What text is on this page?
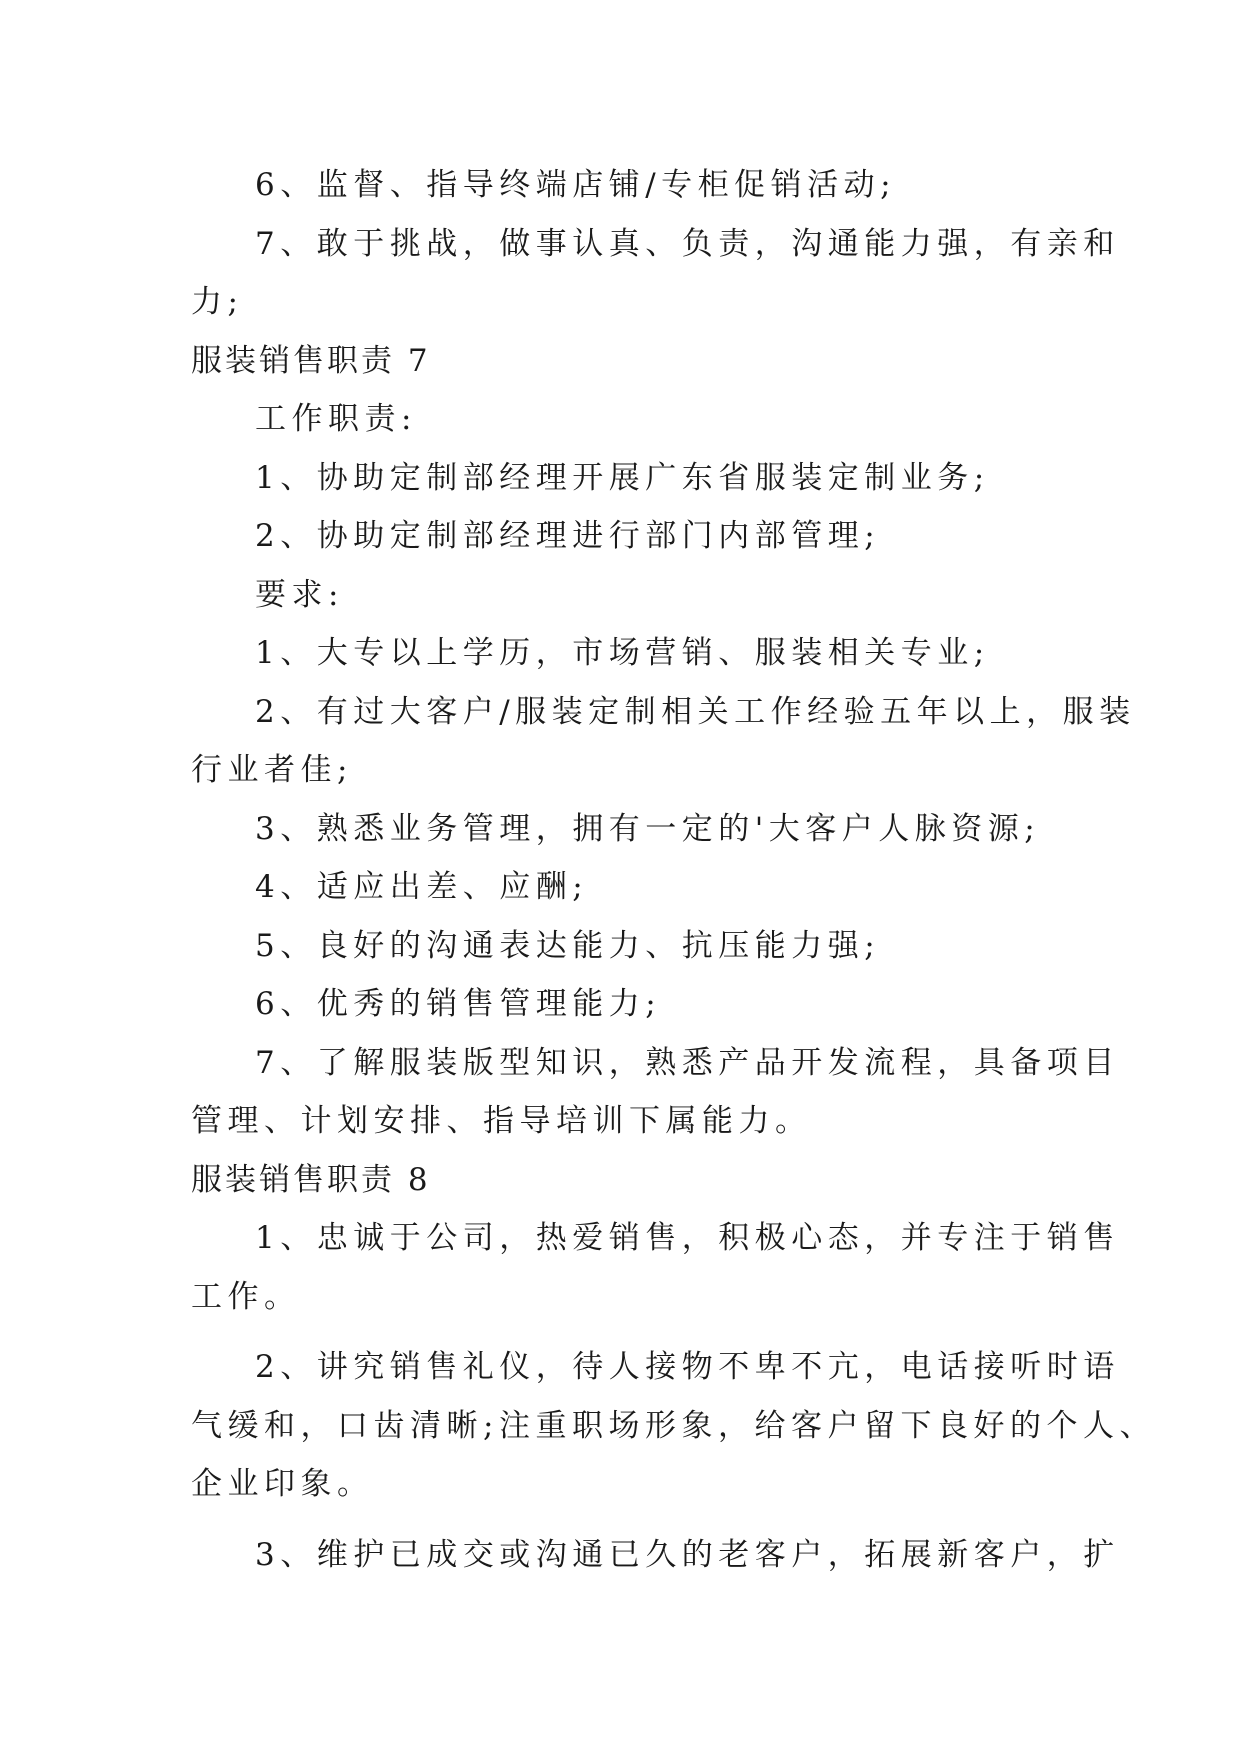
6、监督、指导终端店铺/专柜促销活动;
7、敢于挑战，做事认真、负责，沟通能力强，有亲和
力;
服装销售职责 7
工作职责:
1、协助定制部经理开展广东省服装定制业务;
2、协助定制部经理进行部门内部管理;
要求:
1、大专以上学历，市场营销、服装相关专业;
2、有过大客户/服装定制相关工作经验五年以上，服装
行业者佳;
3、熟悉业务管理，拥有一定的'大客户人脉资源;
4、适应出差、应酬;
5、良好的沟通表达能力、抗压能力强;
6、优秀的销售管理能力;
7、了解服装版型知识，熟悉产品开发流程，具备项目
管理、计划安排、指导培训下属能力。
服装销售职责 8
1、忠诚于公司，热爱销售，积极心态，并专注于销售
工作。
2、讲究销售礼仪，待人接物不卑不亢，电话接听时语
气缓和，口齿清晰;注重职场形象，给客户留下良好的个人、
企业印象。
3、维护已成交或沟通已久的老客户，拓展新客户，扩
